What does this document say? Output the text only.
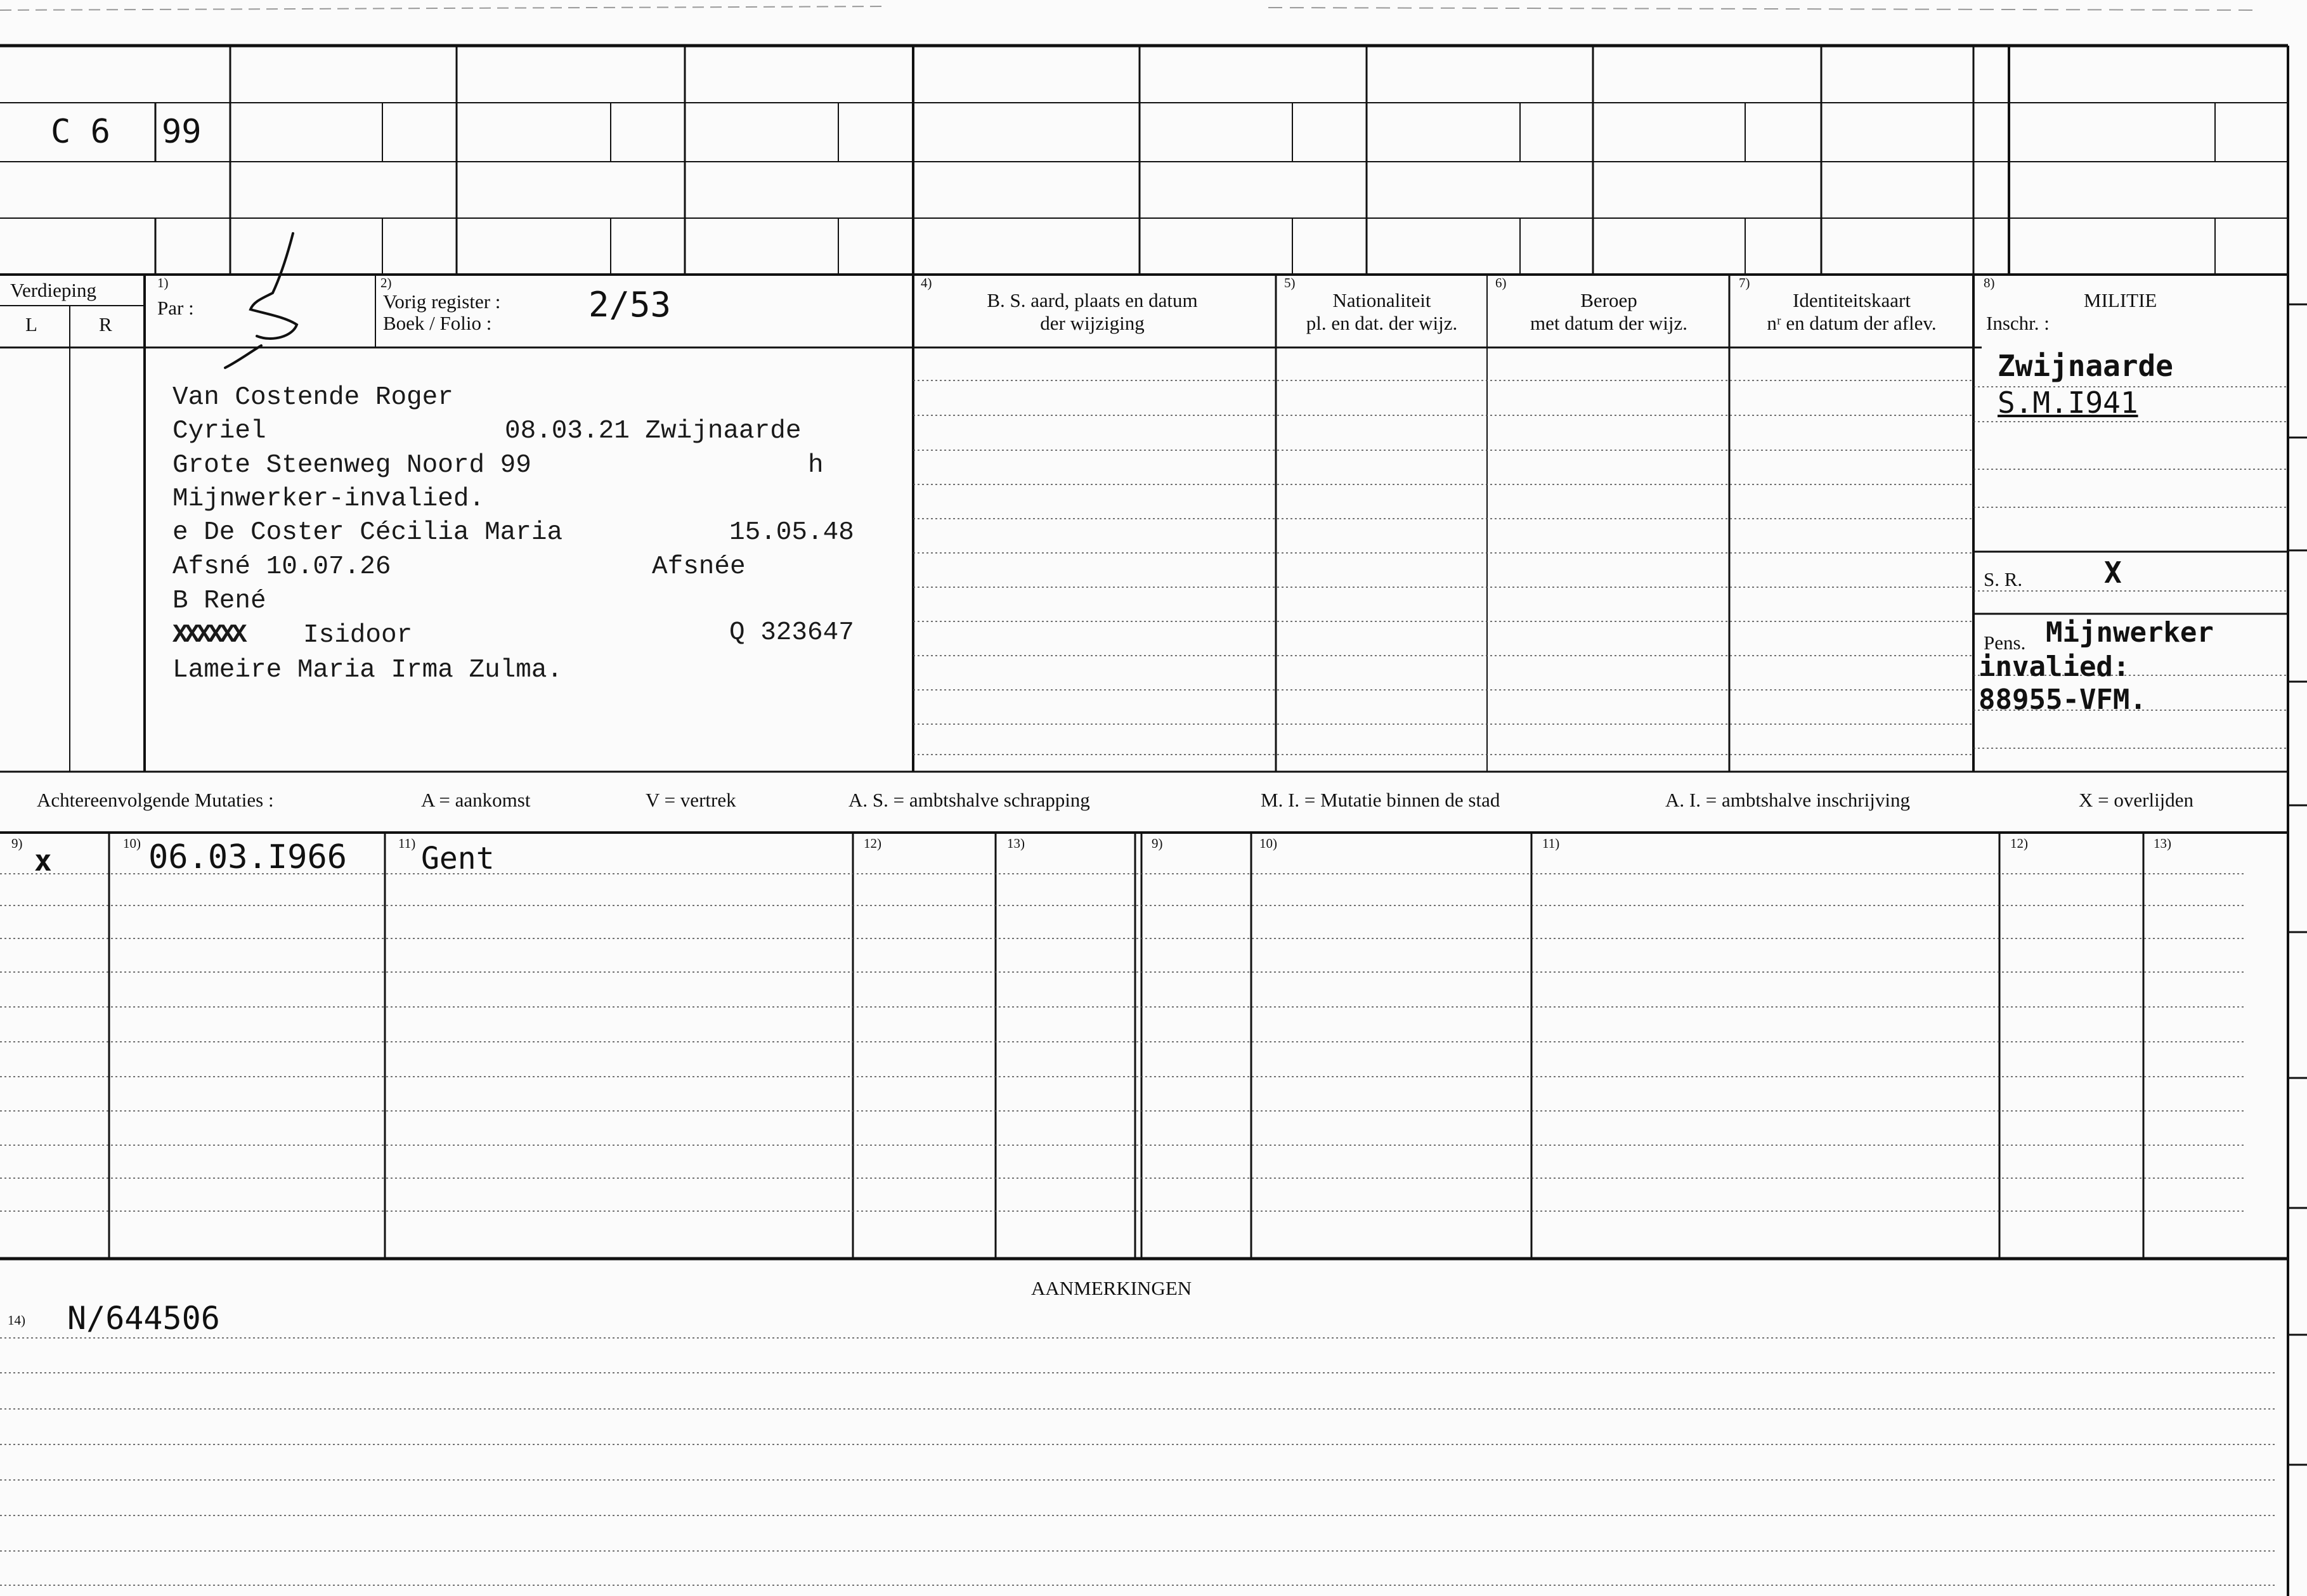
C 6 99
Verdieping
L	R
1)
Par :
2)
Vorig register :
Boek / Folio :	2/53
4)
B. S. aard, plaats en datum
der wijziging
5)
Nationaliteit
pl. en dat. der wijz.
6)
Beroep
met datum der wijz.
7)
Identiteitskaart
nʳ en datum der aflev.
8)
MILITIE
Inschr. :
Van Costende Roger
Cyriel	08.03.21 Zwijnaarde
Grote Steenweg Noord 99	h
Mijnwerker-invalied.
e De Coster Cécilia Maria	15.05.48
Afsné 10.07.26	Afsnée
B René
XXXXXX Isidoor	Q 323647
Lameire Maria Irma Zulma.
Zwijnaarde
S.M.I941
S. R.	X
Pens. Mijnwerker
invalied:
88955-VFM.
Achtereenvolgende Mutaties :	A = aankomst	V = vertrek	A. S. = ambtshalve schrapping	M. I. = Mutatie binnen de stad	A. I. = ambtshalve inschrijving	X = overlijden
9)	10)	11)	12)	13)	9)	10)	11)	12)	13)
x	06.03.I966 Gent
AANMERKINGEN
14) N/644506
